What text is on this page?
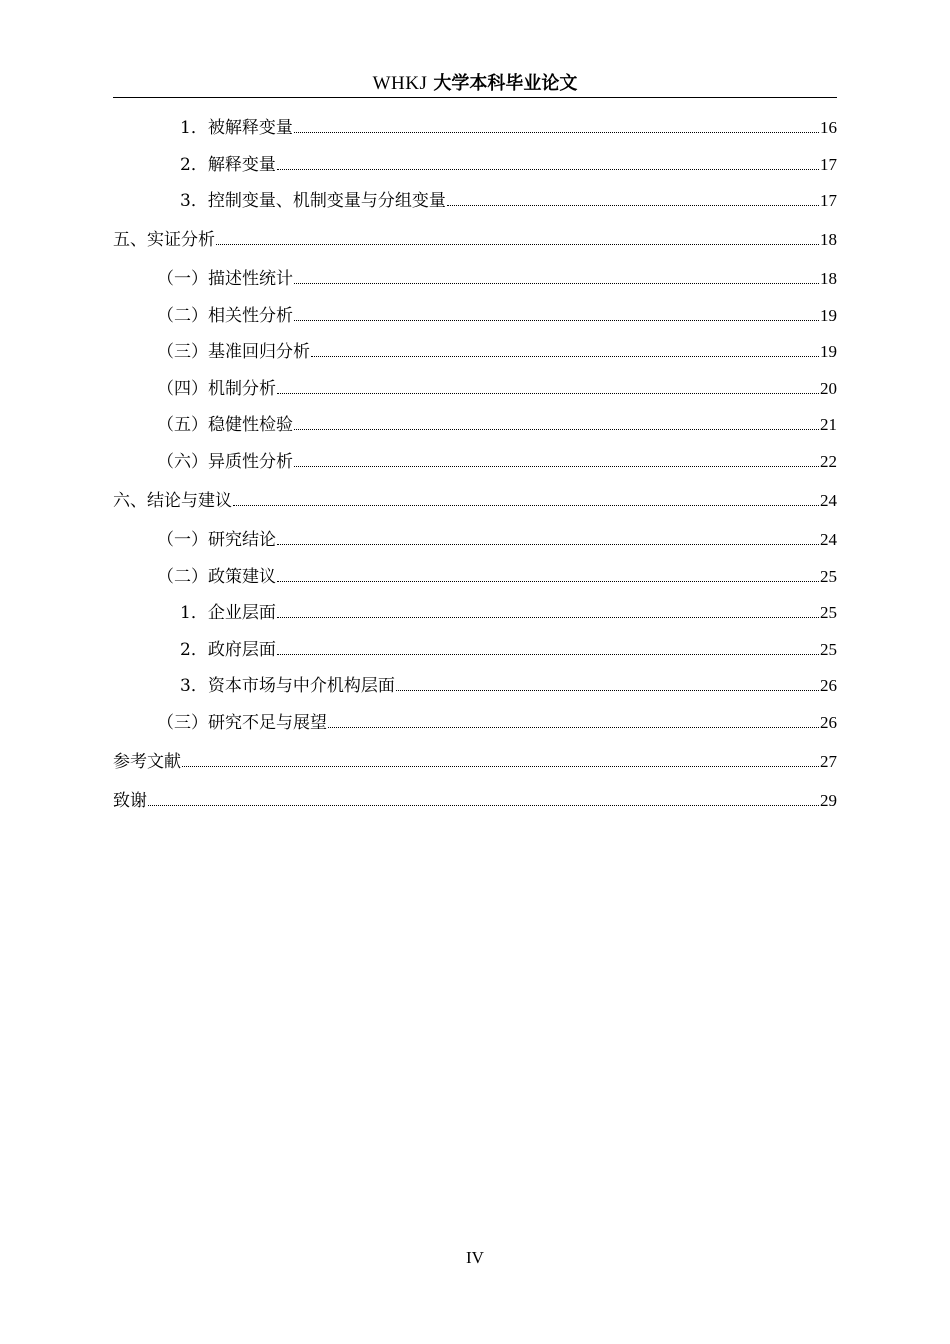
WHKJ 大学本科毕业论文
1．被解释变量	16
2．解释变量	17
3．控制变量、机制变量与分组变量	17
五、实证分析	18
（一）描述性统计	18
（二）相关性分析	19
（三）基准回归分析	19
（四）机制分析	20
（五）稳健性检验	21
（六）异质性分析	22
六、结论与建议	24
（一）研究结论	24
（二）政策建议	25
1．企业层面	25
2．政府层面	25
3．资本市场与中介机构层面	26
（三）研究不足与展望	26
参考文献	27
致谢	29
IV
